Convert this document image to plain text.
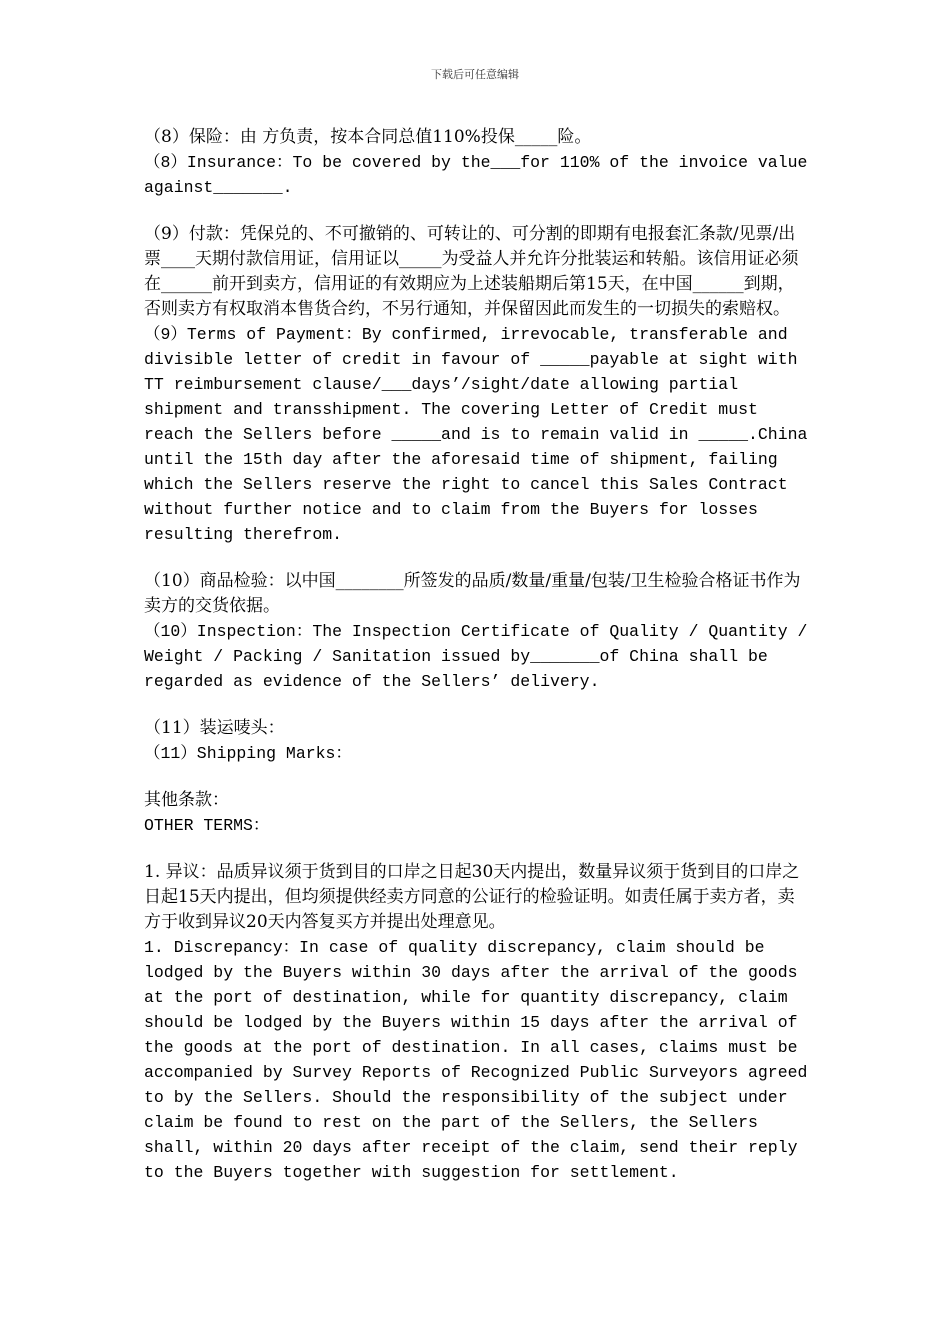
下载后可任意编辑

（8）保险：由 方负责，按本合同总值110%投保_____险。

（8）Insurance：To be covered by the___for 110% of the invoice value against_______.

（9）付款：凭保兑的、不可撤销的、可转让的、可分割的即期有电报套汇条款/见票/出票____天期付款信用证，信用证以_____为受益人并允许分批装运和转船。该信用证必须在______前开到卖方，信用证的有效期应为上述装船期后第15天，在中国______到期，否则卖方有权取消本售货合约，不另行通知，并保留因此而发生的一切损失的索赔权。

（9）Terms of Payment：By confirmed, irrevocable, transferable and divisible letter of credit in favour of _____payable at sight with TT reimbursement clause/___days’/sight/date allowing partial shipment and transshipment. The covering Letter of Credit must reach the Sellers before _____and is to remain valid in _____.China until the 15th day after the aforesaid time of shipment, failing which the Sellers reserve the right to cancel this Sales Contract without further notice and to claim from the Buyers for losses resulting therefrom.

（10）商品检验：以中国________所签发的品质/数量/重量/包装/卫生检验合格证书作为卖方的交货依据。

（10）Inspection：The Inspection Certificate of Quality / Quantity / Weight / Packing / Sanitation issued by_______of China shall be regarded as evidence of the Sellers’ delivery.

（11）装运唛头：

（11）Shipping Marks：

其他条款：

OTHER TERMS：

1. 异议：品质异议须于货到目的口岸之日起30天内提出，数量异议须于货到目的口岸之日起15天内提出，但均须提供经卖方同意的公证行的检验证明。如责任属于卖方者，卖方于收到异议20天内答复买方并提出处理意见。

1. Discrepancy：In case of quality discrepancy, claim should be lodged by the Buyers within 30 days after the arrival of the goods at the port of destination, while for quantity discrepancy, claim should be lodged by the Buyers within 15 days after the arrival of the goods at the port of destination. In all cases, claims must be accompanied by Survey Reports of Recognized Public Surveyors agreed to by the Sellers. Should the responsibility of the subject under claim be found to rest on the part of the Sellers, the Sellers shall, within 20 days after receipt of the claim, send their reply to the Buyers together with suggestion for settlement.
